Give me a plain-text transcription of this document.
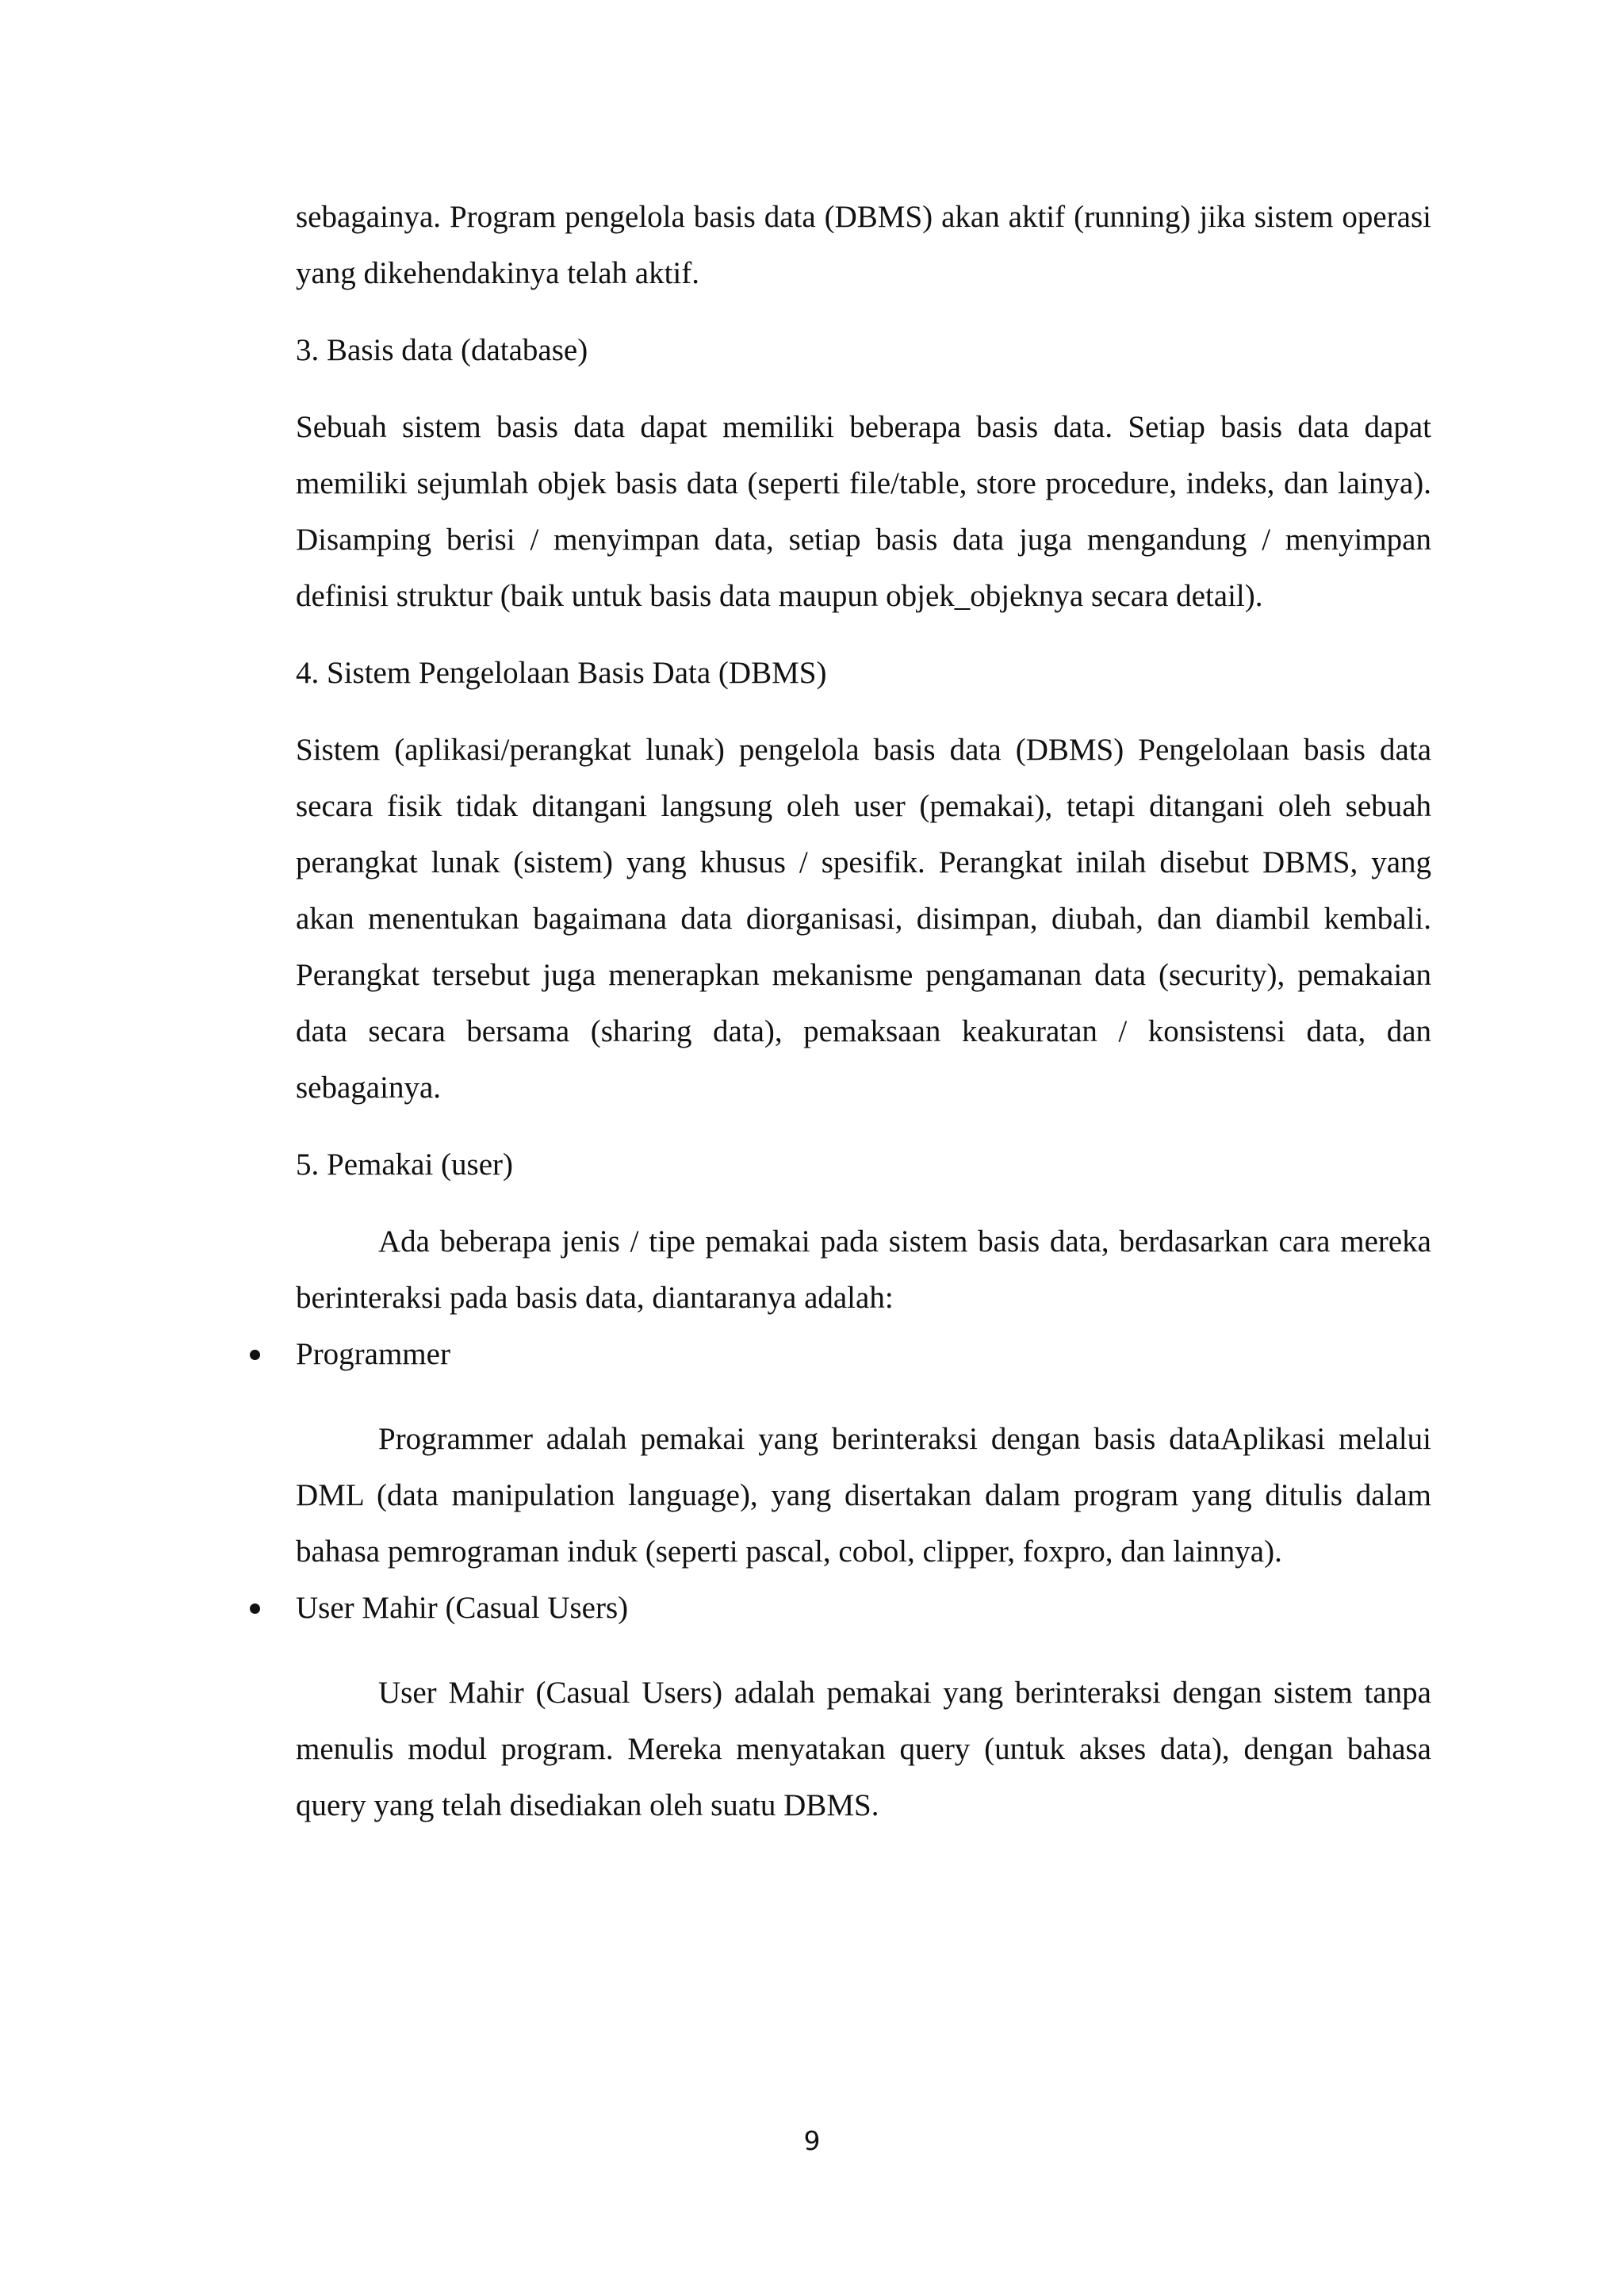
sebagainya. Program pengelola basis data (DBMS) akan aktif (running) jika sistem operasi yang dikehendakinya telah aktif.

3. Basis data (database)

Sebuah sistem basis data dapat memiliki beberapa basis data. Setiap basis data dapat memiliki sejumlah objek basis data (seperti file/table, store procedure, indeks, dan lainya). Disamping berisi / menyimpan data, setiap basis data juga mengandung / menyimpan definisi struktur (baik untuk basis data maupun objek_objeknya secara detail).

4. Sistem Pengelolaan Basis Data (DBMS)

Sistem (aplikasi/perangkat lunak) pengelola basis data (DBMS) Pengelolaan basis data secara fisik tidak ditangani langsung oleh user (pemakai), tetapi ditangani oleh sebuah perangkat lunak (sistem) yang khusus / spesifik. Perangkat inilah disebut DBMS, yang akan menentukan bagaimana data diorganisasi, disimpan, diubah, dan diambil kembali. Perangkat tersebut juga menerapkan mekanisme pengamanan data (security), pemakaian data secara bersama (sharing data), pemaksaan keakuratan / konsistensi data, dan sebagainya.

5. Pemakai (user)

Ada beberapa jenis / tipe pemakai pada sistem basis data, berdasarkan cara mereka berinteraksi pada basis data, diantaranya adalah:

Programmer

Programmer adalah pemakai yang berinteraksi dengan basis dataAplikasi melalui DML (data manipulation language), yang disertakan dalam program yang ditulis dalam bahasa pemrograman induk (seperti pascal, cobol, clipper, foxpro, dan lainnya).

User Mahir (Casual Users)

User Mahir (Casual Users) adalah pemakai yang berinteraksi dengan sistem tanpa menulis modul program. Mereka menyatakan query (untuk akses data), dengan bahasa query yang telah disediakan oleh suatu DBMS.

9
